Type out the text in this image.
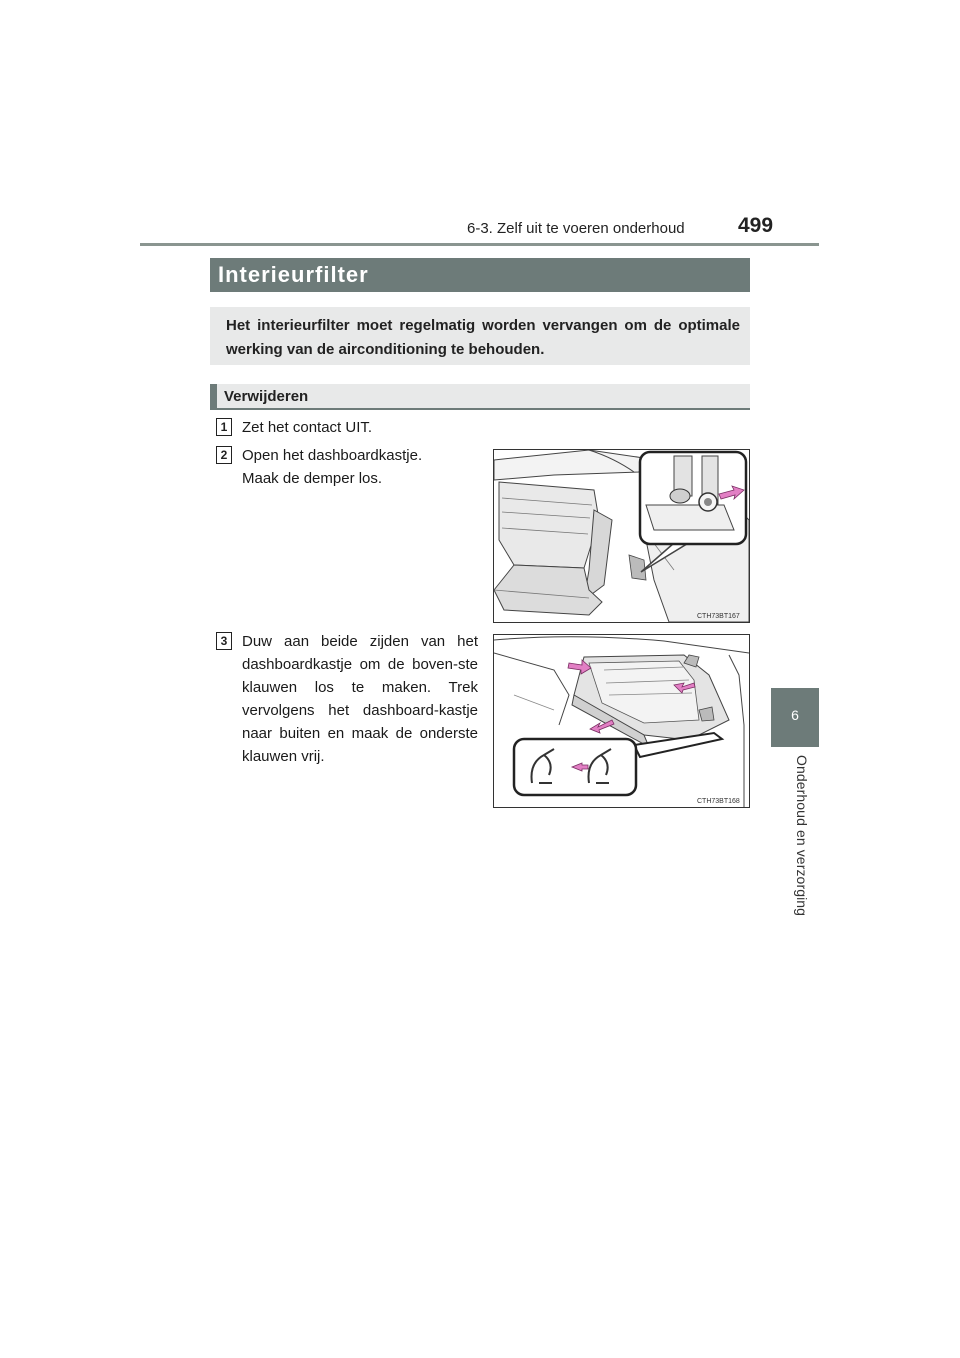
6-3. Zelf uit te voeren onderhoud	499
6
Onderhoud en verzorging
Interieurfilter
Het interieurfilter moet regelmatig worden vervangen om de optimale werking van de airconditioning te behouden.
Verwijderen
1 Zet het contact UIT.
2 Open het dashboardkastje.
Maak de demper los.
CTH73BT167
3 Duw aan beide zijden van het dashboardkastje om de boven-ste klauwen los te maken. Trek vervolgens het dashboard-kastje naar buiten en maak de onderste klauwen vrij.
CTH73BT168
